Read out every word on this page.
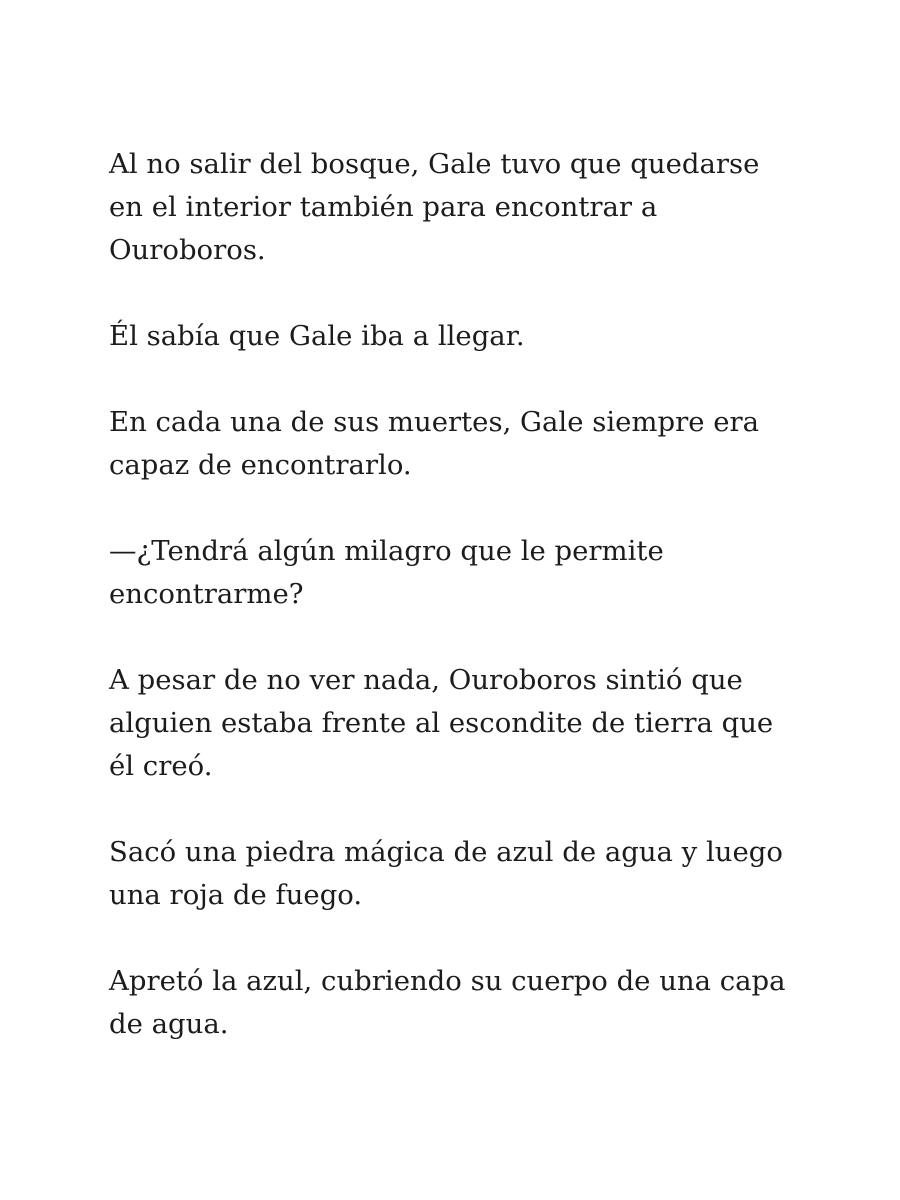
Al no salir del bosque, Gale tuvo que quedarse
en el interior también para encontrar a
Ouroboros.

Él sabía que Gale iba a llegar.

En cada una de sus muertes, Gale siempre era
capaz de encontrarlo.

—¿Tendrá algún milagro que le permite
encontrarme?

A pesar de no ver nada, Ouroboros sintió que
alguien estaba frente al escondite de tierra que
él creó.

Sacó una piedra mágica de azul de agua y luego
una roja de fuego.

Apretó la azul, cubriendo su cuerpo de una capa
de agua.
